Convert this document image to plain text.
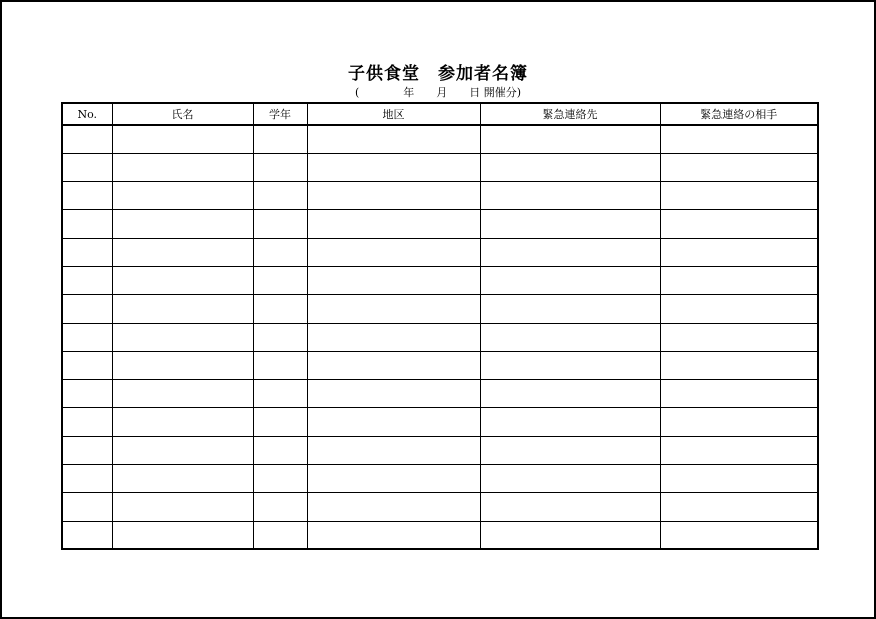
子供食堂　参加者名簿
(　　　　年　　月　　日 開催分)
No.	氏名	学年	地区	緊急連絡先	緊急連絡の相手
